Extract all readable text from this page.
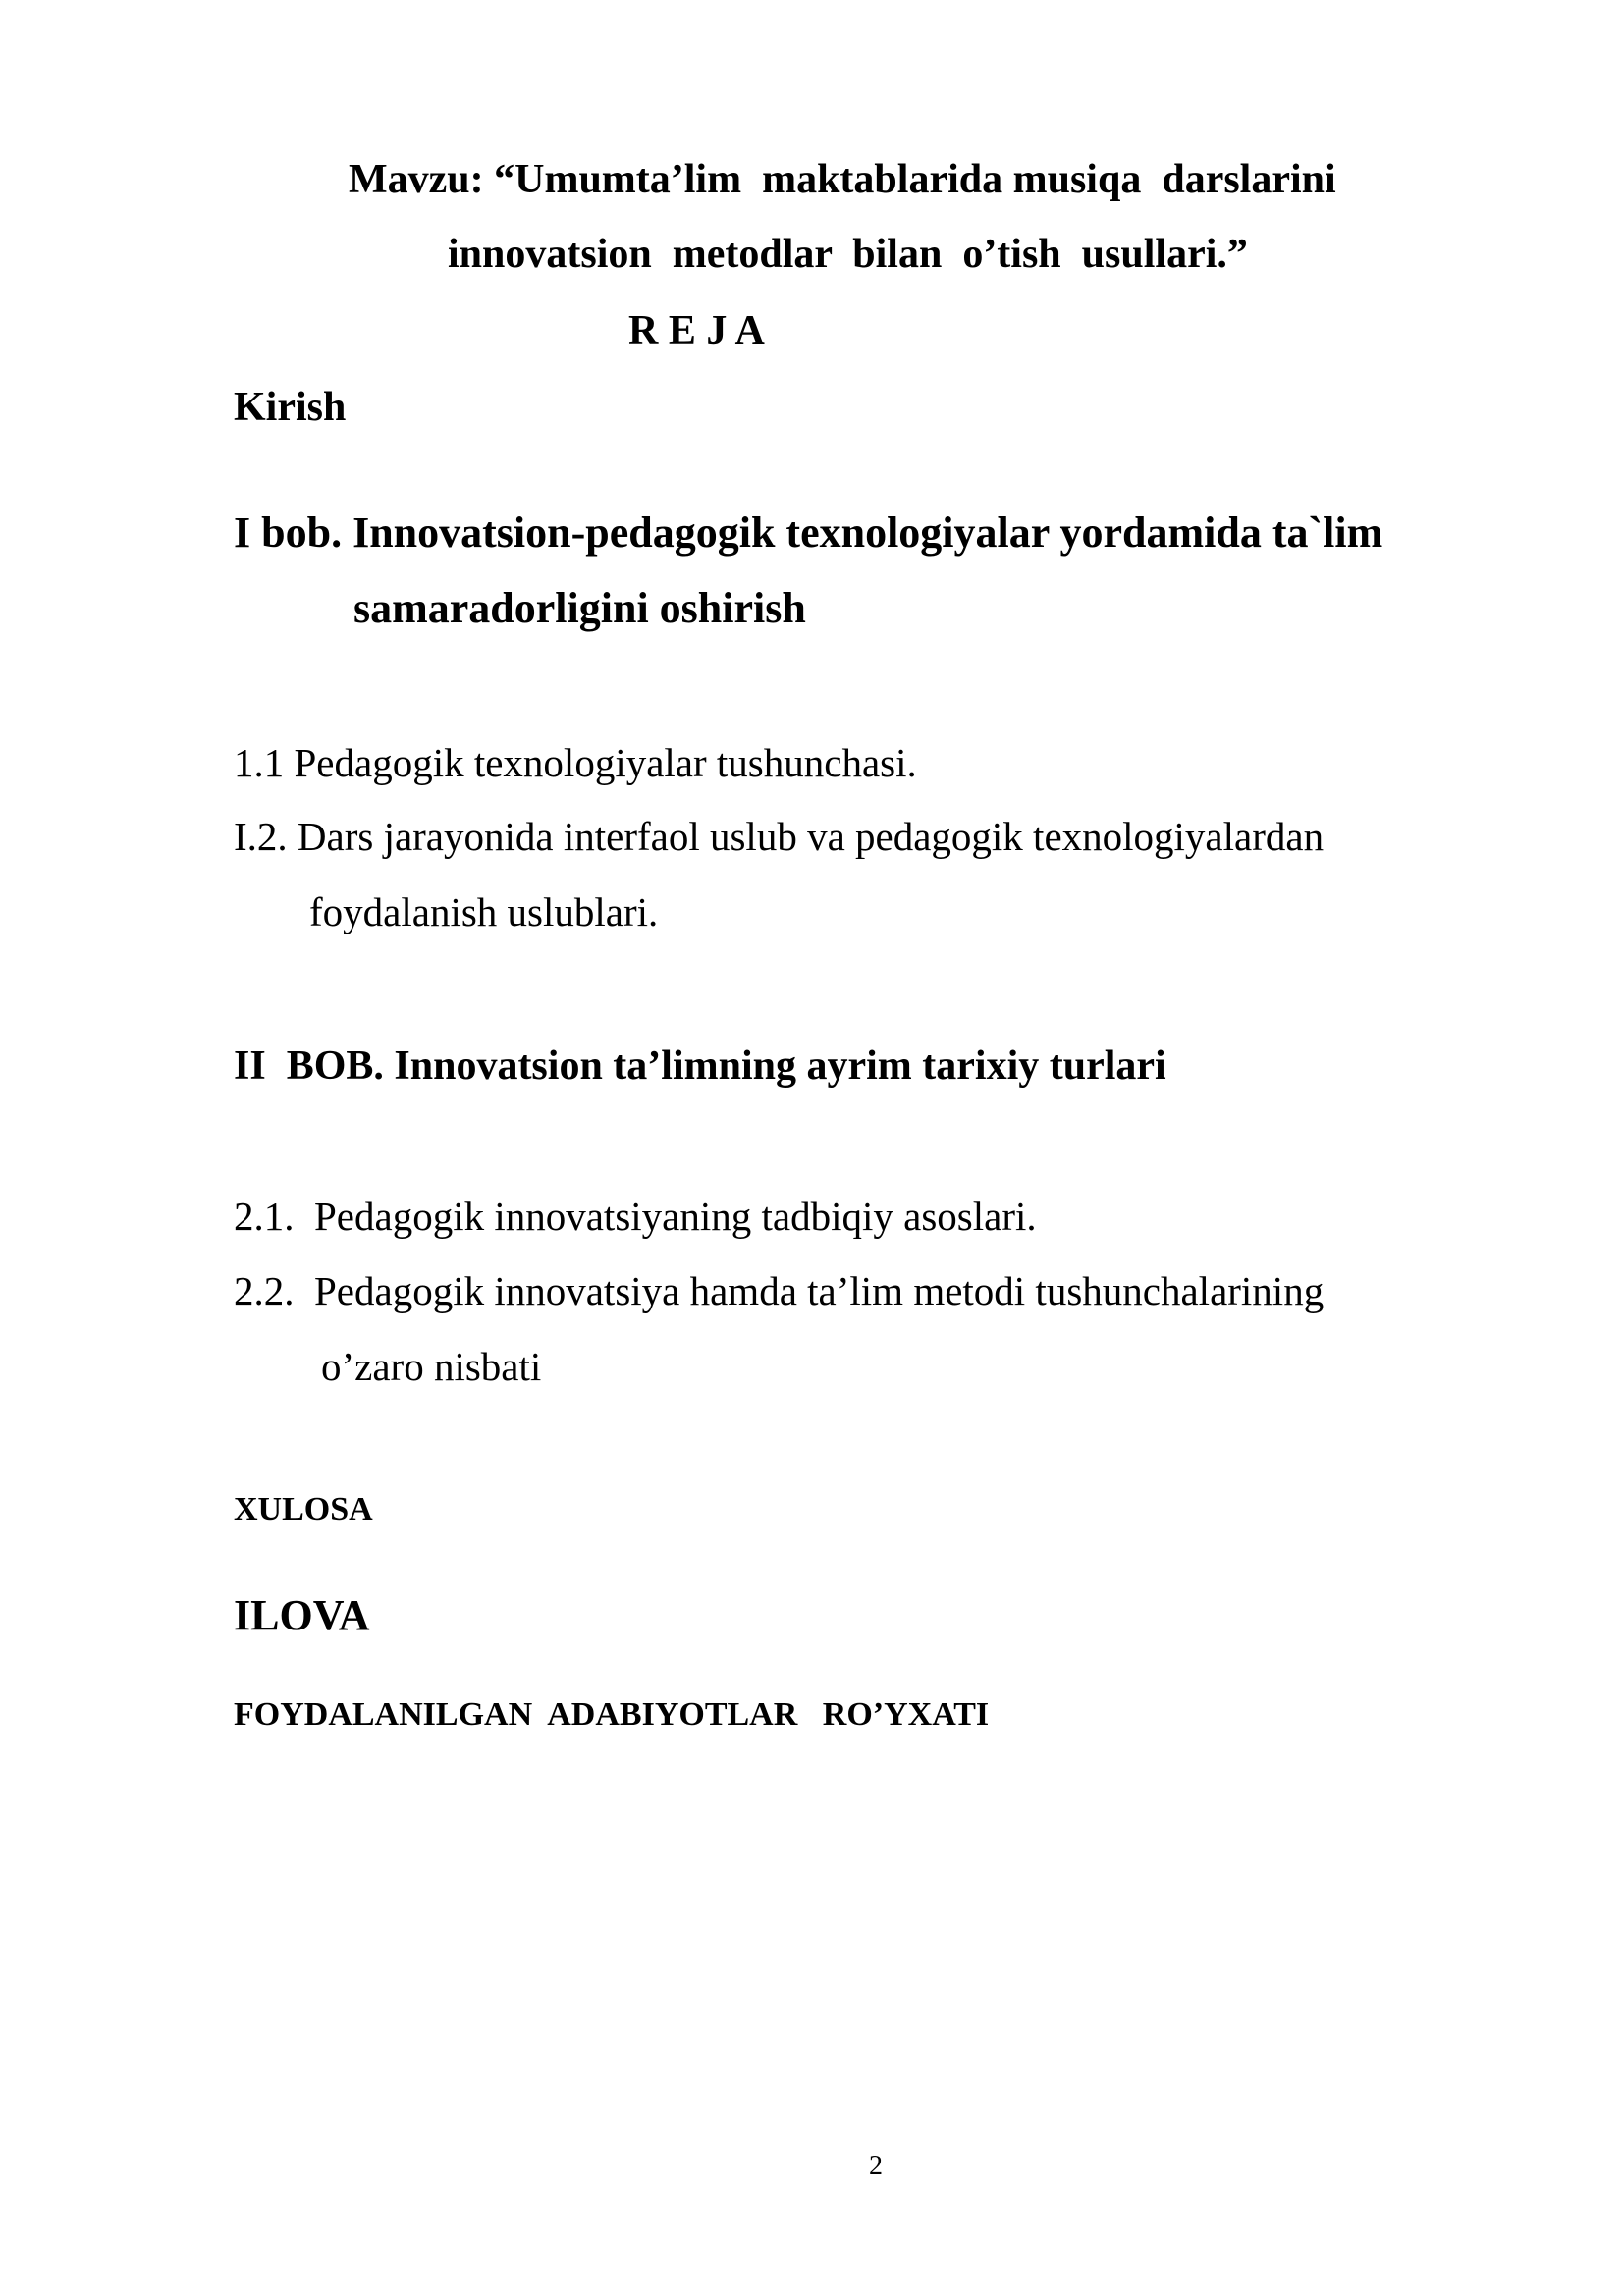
Mavzu: “Umumta’lim  maktablarida musiqa  darslarini
innovatsion  metodlar  bilan  o’tish  usullari.”
R E J A
Kirish
I bob. Innovatsion-pedagogik texnologiyalar yordamida ta`lim
samaradorligini oshirish
1.1 Pedagogik texnologiyalar tushunchasi.
I.2. Dars jarayonida interfaol uslub va pedagogik texnologiyalardan
foydalanish uslublari.
II  BOB. Innovatsion ta’limning ayrim tarixiy turlari
2.1.  Pedagogik innovatsiyaning tadbiqiy asoslari.
2.2.  Pedagogik innovatsiya hamda ta’lim metodi tushunchalarining
o’zaro nisbati
XULOSA
ILOVA
FOYDALANILGAN  ADABIYOTLAR   RO’YXATI
2
